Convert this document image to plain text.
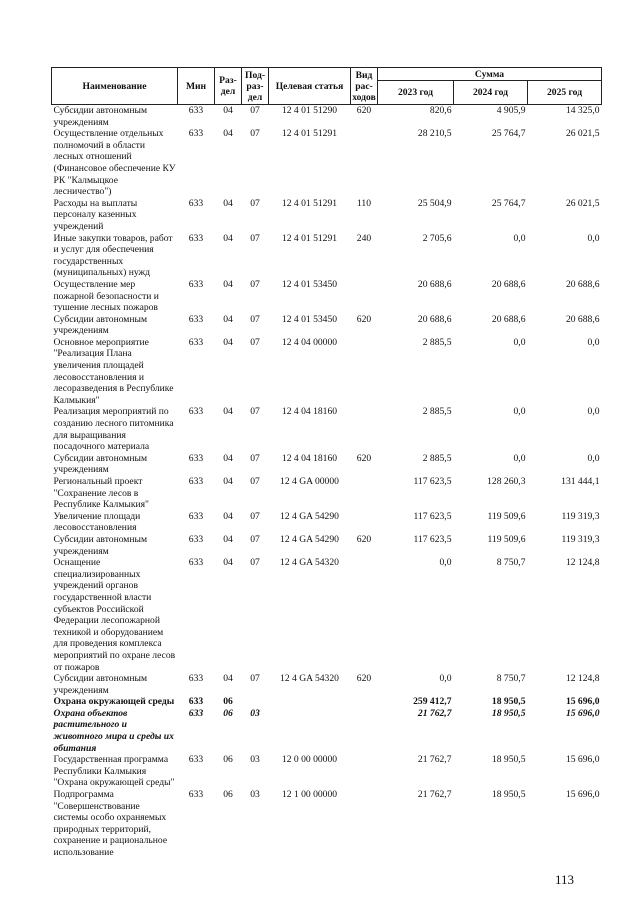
Наименование	Мин	Раз-дел	Под-раз-дел	Целевая статья	Вид рас-ходов	Сумма		
						2023 год	2024 год	2025 год
Субсидии автономным учреждениям	633	04	07	12 4 01 51290	620	820,6	4 905,9	14 325,0
Осуществление отдельных полномочий в области лесных отношений (Финансовое обеспечение КУ РК "Калмыцкое лесничество")	633	04	07	12 4 01 51291		28 210,5	25 764,7	26 021,5
Расходы на выплаты персоналу казенных учреждений	633	04	07	12 4 01 51291	110	25 504,9	25 764,7	26 021,5
Иные закупки товаров, работ и услуг для обеспечения государственных (муниципальных) нужд	633	04	07	12 4 01 51291	240	2 705,6	0,0	0,0
Осуществление мер пожарной безопасности и тушение лесных пожаров	633	04	07	12 4 01 53450		20 688,6	20 688,6	20 688,6
Субсидии автономным учреждениям	633	04	07	12 4 01 53450	620	20 688,6	20 688,6	20 688,6
Основное мероприятие "Реализация Плана увеличения площадей лесовосстановления и лесоразведения в Республике Калмыкия"	633	04	07	12 4 04 00000		2 885,5	0,0	0,0
Реализация мероприятий по созданию лесного питомника для выращивания посадочного материала	633	04	07	12 4 04 18160		2 885,5	0,0	0,0
Субсидии автономным учреждениям	633	04	07	12 4 04 18160	620	2 885,5	0,0	0,0
Региональный проект "Сохранение лесов в Республике Калмыкия"	633	04	07	12 4 GA 00000		117 623,5	128 260,3	131 444,1
Увеличение площади лесовосстановления	633	04	07	12 4 GA 54290		117 623,5	119 509,6	119 319,3
Субсидии автономным учреждениям	633	04	07	12 4 GA 54290	620	117 623,5	119 509,6	119 319,3
Оснащение специализированных учреждений органов государственной власти субъектов Российской Федерации лесопожарной техникой и оборудованием для проведения комплекса мероприятий по охране лесов от пожаров	633	04	07	12 4 GA 54320		0,0	8 750,7	12 124,8
Субсидии автономным учреждениям	633	04	07	12 4 GA 54320	620	0,0	8 750,7	12 124,8
Охрана окружающей среды	633	06				259 412,7	18 950,5	15 696,0
Охрана объектов растительного и животного мира и среды их обитания	633	06	03			21 762,7	18 950,5	15 696,0
Государственная программа Республики Калмыкия "Охрана окружающей среды"	633	06	03	12 0 00 00000		21 762,7	18 950,5	15 696,0
Подпрограмма "Совершенствование системы особо охраняемых природных территорий, сохранение и рациональное использование	633	06	03	12 1 00 00000		21 762,7	18 950,5	15 696,0
113
